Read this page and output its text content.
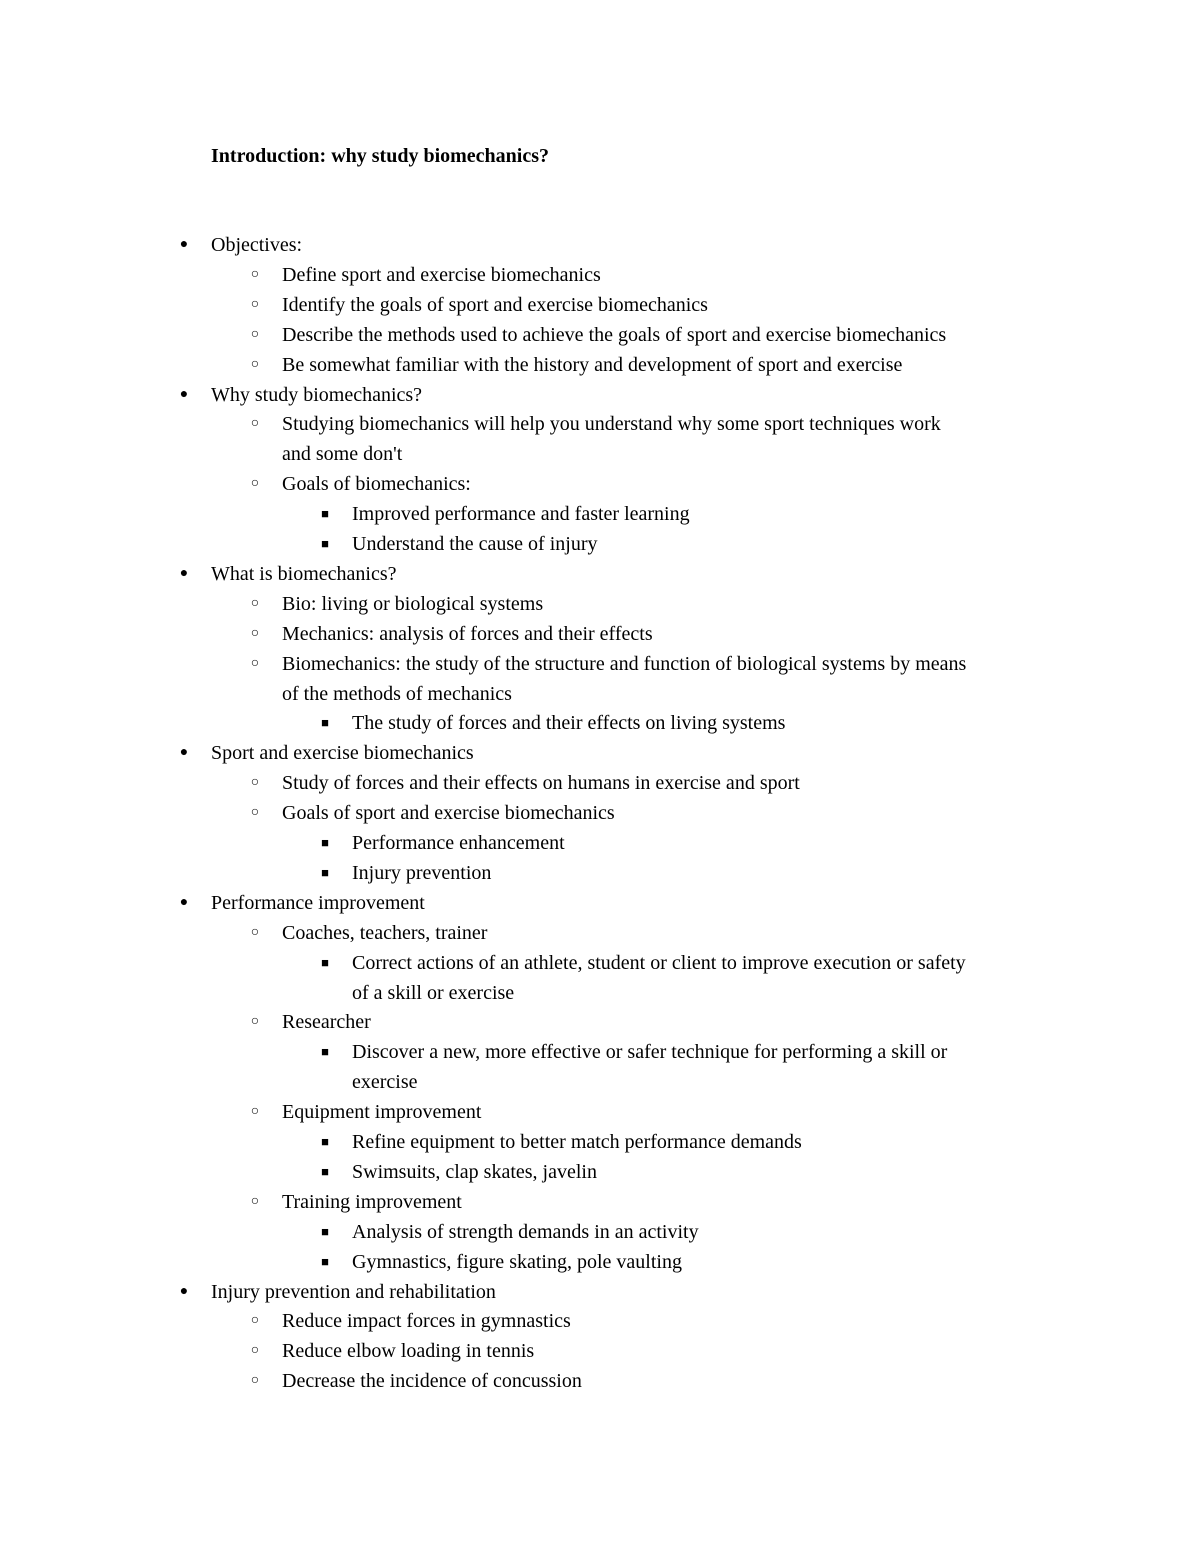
Introduction: why study biomechanics?
● Objectives:
○ Define sport and exercise biomechanics
○ Identify the goals of sport and exercise biomechanics
○ Describe the methods used to achieve the goals of sport and exercise biomechanics
○ Be somewhat familiar with the history and development of sport and exercise
● Why study biomechanics?
○ Studying biomechanics will help you understand why some sport techniques work
and some don't
○ Goals of biomechanics:
■	Improved performance and faster learning
■	Understand the cause of injury
● What is biomechanics?
○ Bio: living or biological systems
○ Mechanics: analysis of forces and their effects
○ Biomechanics: the study of the structure and function of biological systems by means
of the methods of mechanics
■	The study of forces and their effects on living systems
● Sport and exercise biomechanics
○ Study of forces and their effects on humans in exercise and sport
○ Goals of sport and exercise biomechanics
■	Performance enhancement
■	Injury prevention
● Performance improvement
○ Coaches, teachers, trainer
■	Correct actions of an athlete, student or client to improve execution or safety
of a skill or exercise
○ Researcher
■	Discover a new, more effective or safer technique for performing a skill or
exercise
○ Equipment improvement
■	Refine equipment to better match performance demands
■	Swimsuits, clap skates, javelin
○ Training improvement
■	Analysis of strength demands in an activity
■	Gymnastics, figure skating, pole vaulting
● Injury prevention and rehabilitation
○ Reduce impact forces in gymnastics
○ Reduce elbow loading in tennis
○ Decrease the incidence of concussion
